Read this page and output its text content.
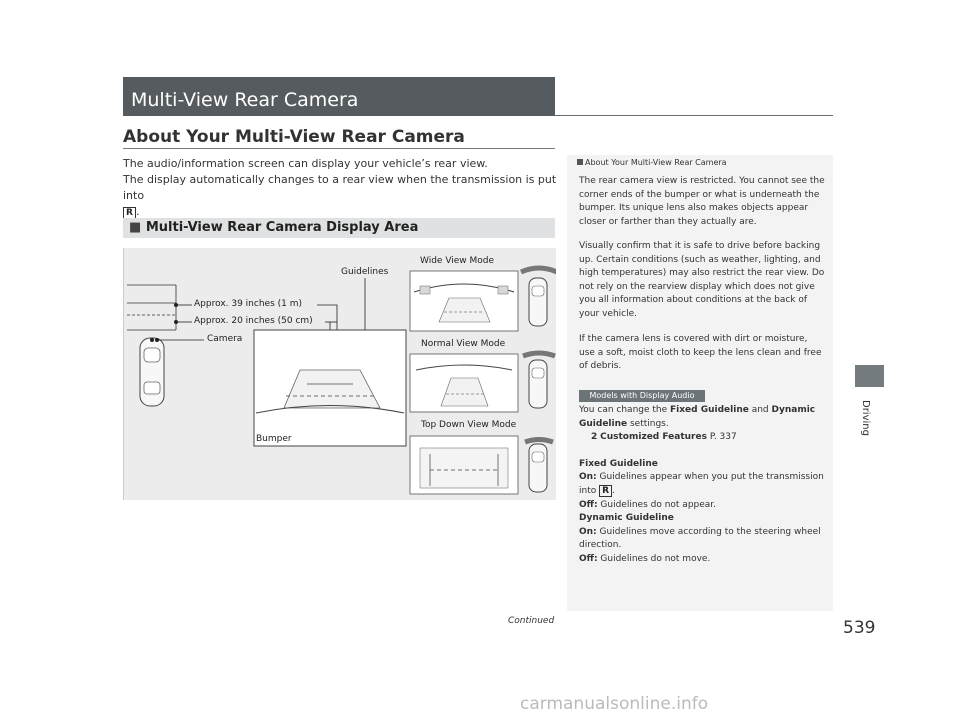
Multi-View Rear Camera
About Your Multi-View Rear Camera
The audio/information screen can display your vehicle’s rear view.
The display automatically changes to a rear view when the transmission is put into
R .
■ Multi-View Rear Camera Display Area
Wide View Mode
Guidelines
Approx. 39 inches (1 m)
Approx. 20 inches (50 cm)
Camera	Normal View Mode
Top Down View Mode
Bumper
About Your Multi-View Rear Camera

The rear camera view is restricted. You cannot see the corner ends of the bumper or what is underneath the bumper. Its unique lens also makes objects appear closer or farther than they actually are.

Visually confirm that it is safe to drive before backing up. Certain conditions (such as weather, lighting, and high temperatures) may also restrict the rear view. Do not rely on the rearview display which does not give you all information about conditions at the back of your vehicle.

If the camera lens is covered with dirt or moisture, use a soft, moist cloth to keep the lens clean and free of debris.

Models with Display Audio
You can change the Fixed Guideline and Dynamic Guideline settings.
2 Customized Features P. 337
Fixed Guideline
On: Guidelines appear when you put the transmission into R .
Off: Guidelines do not appear.
Dynamic Guideline
On: Guidelines move according to the steering wheel direction.
Off: Guidelines do not move.
Driving
Continued	539
carmanualsonline.info
